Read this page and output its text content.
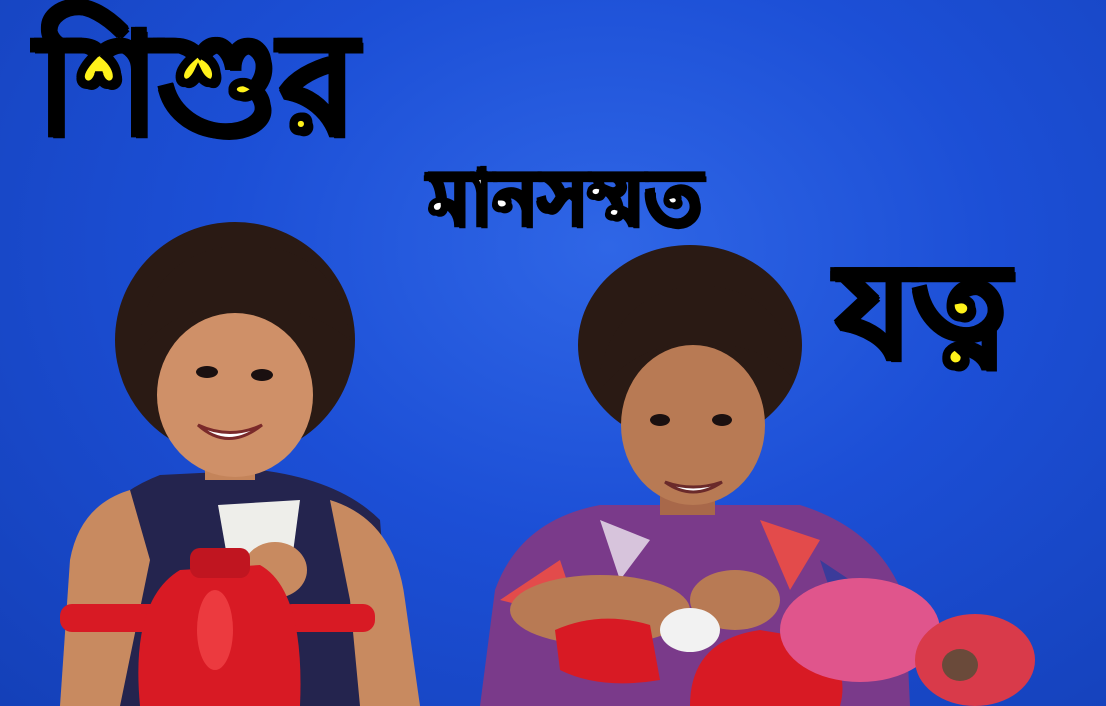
শিশুর
মানসম্মত
যত্ন
